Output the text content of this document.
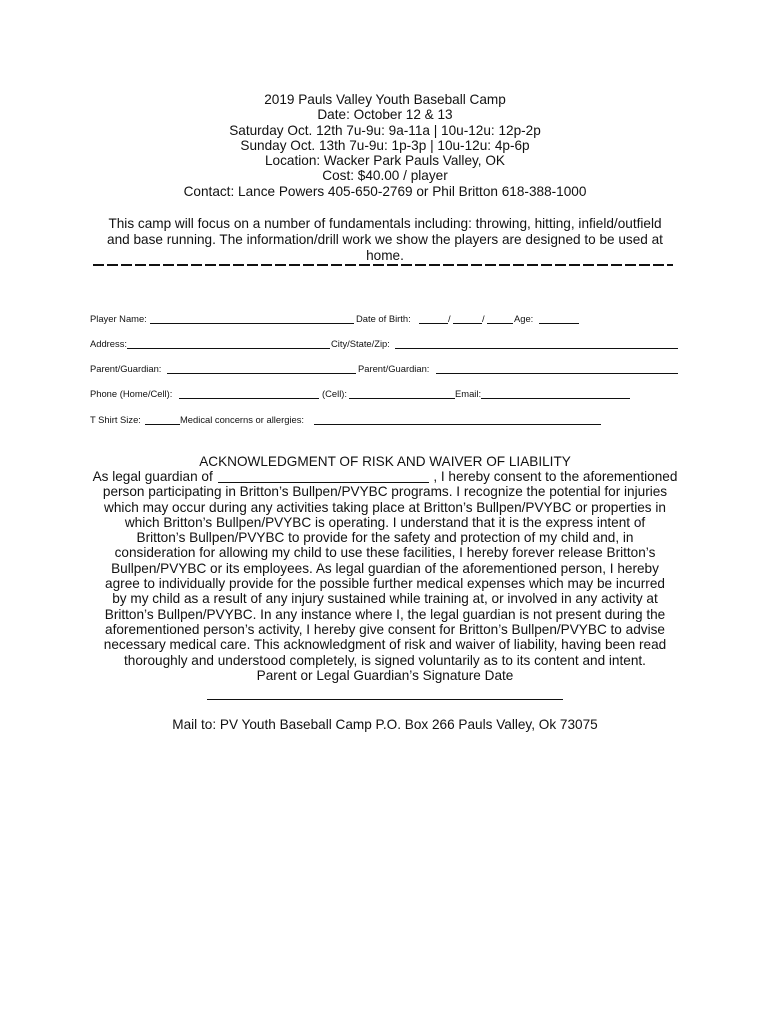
2019 Pauls Valley Youth Baseball Camp
Date: October 12 & 13
Saturday Oct. 12th 7u-9u: 9a-11a | 10u-12u: 12p-2p
Sunday Oct. 13th 7u-9u: 1p-3p | 10u-12u: 4p-6p
Location: Wacker Park Pauls Valley, OK
Cost: $40.00 / player
Contact: Lance Powers 405-650-2769 or Phil Britton 618-388-1000
This camp will focus on a number of fundamentals including: throwing, hitting, infield/outfield
and base running. The information/drill work we show the players are designed to be used at
home.
Player Name:	Date of Birth:	/	/	Age:
Address:	City/State/Zip:
Parent/Guardian:	Parent/Guardian:
Phone (Home/Cell):	(Cell):	Email:
T Shirt Size:	Medical concerns or allergies:
ACKNOWLEDGMENT OF RISK AND WAIVER OF LIABILITY
As legal guardian of	, I hereby consent to the aforementioned
person participating in Britton’s Bullpen/PVYBC programs. I recognize the potential for injuries
which may occur during any activities taking place at Britton’s Bullpen/PVYBC or properties in
which Britton’s Bullpen/PVYBC is operating. I understand that it is the express intent of
Britton’s Bullpen/PVYBC to provide for the safety and protection of my child and, in
consideration for allowing my child to use these facilities, I hereby forever release Britton’s
Bullpen/PVYBC or its employees. As legal guardian of the aforementioned person, I hereby
agree to individually provide for the possible further medical expenses which may be incurred
by my child as a result of any injury sustained while training at, or involved in any activity at
Britton’s Bullpen/PVYBC. In any instance where I, the legal guardian is not present during the
aforementioned person’s activity, I hereby give consent for Britton’s Bullpen/PVYBC to advise
necessary medical care. This acknowledgment of risk and waiver of liability, having been read
thoroughly and understood completely, is signed voluntarily as to its content and intent.
Parent or Legal Guardian’s Signature Date
Mail to: PV Youth Baseball Camp P.O. Box 266 Pauls Valley, Ok 73075
